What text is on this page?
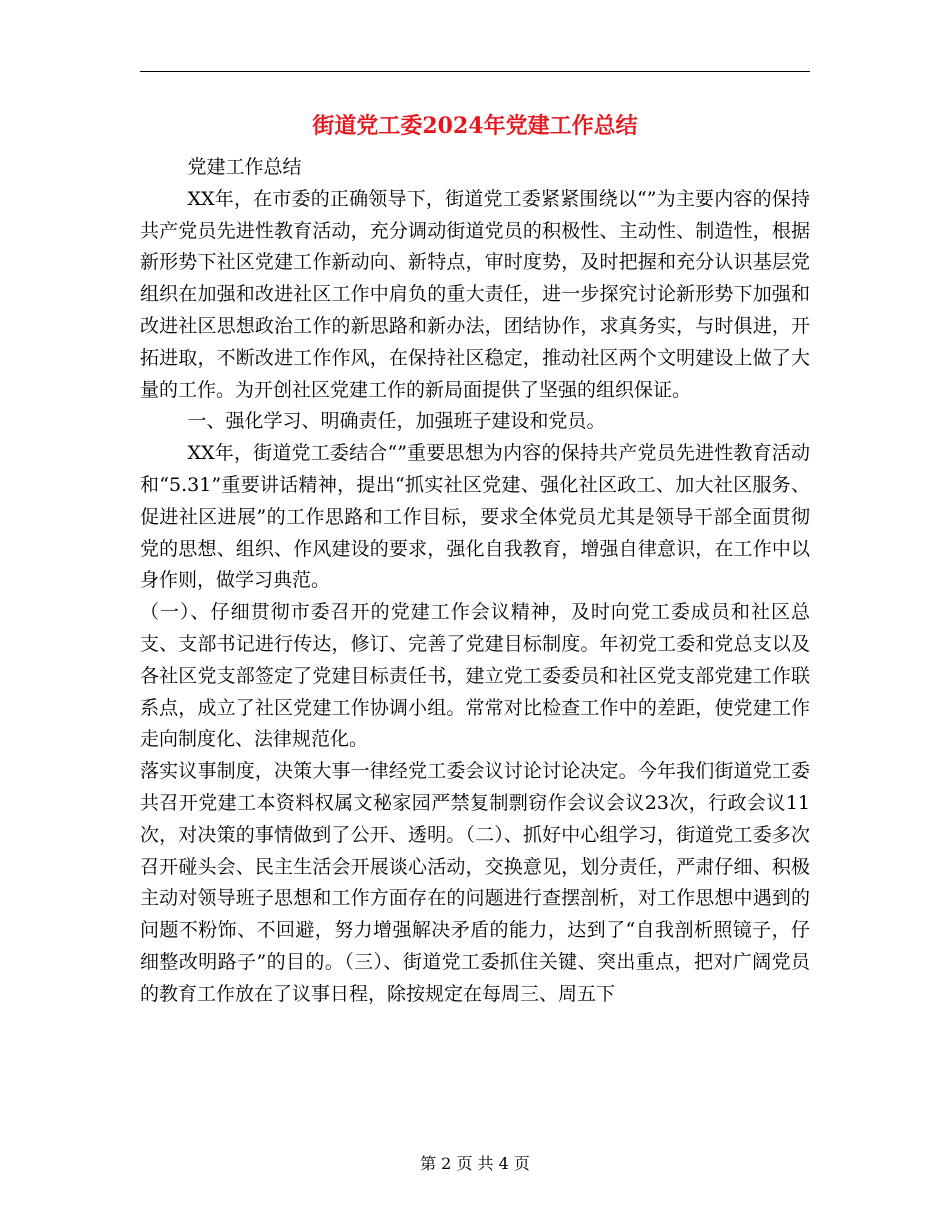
街道党工委2024年党建工作总结

党建工作总结

XX年，在市委的正确领导下，街道党工委紧紧围绕以“”为主要内容的保持共产党员先进性教育活动，充分调动街道党员的积极性、主动性、制造性，根据新形势下社区党建工作新动向、新特点，审时度势，及时把握和充分认识基层党组织在加强和改进社区工作中肩负的重大责任，进一步探究讨论新形势下加强和改进社区思想政治工作的新思路和新办法，团结协作，求真务实，与时俱进，开拓进取，不断改进工作作风，在保持社区稳定，推动社区两个文明建设上做了大量的工作。为开创社区党建工作的新局面提供了坚强的组织保证。

一、强化学习、明确责任，加强班子建设和党员。

XX年，街道党工委结合“”重要思想为内容的保持共产党员先进性教育活动和“5.31”重要讲话精神，提出“抓实社区党建、强化社区政工、加大社区服务、促进社区进展”的工作思路和工作目标，要求全体党员尤其是领导干部全面贯彻党的思想、组织、作风建设的要求，强化自我教育，增强自律意识，在工作中以身作则，做学习典范。

（一）、仔细贯彻市委召开的党建工作会议精神，及时向党工委成员和社区总支、支部书记进行传达，修订、完善了党建目标制度。年初党工委和党总支以及各社区党支部签定了党建目标责任书，建立党工委委员和社区党支部党建工作联系点，成立了社区党建工作协调小组。常常对比检查工作中的差距，使党建工作走向制度化、法律规范化。

落实议事制度，决策大事一律经党工委会议讨论讨论决定。今年我们街道党工委共召开党建工本资料权属文秘家园严禁复制剽窃作会议会议23次，行政会议11次，对决策的事情做到了公开、透明。（二）、抓好中心组学习，街道党工委多次召开碰头会、民主生活会开展谈心活动，交换意见，划分责任，严肃仔细、积极主动对领导班子思想和工作方面存在的问题进行查摆剖析，对工作思想中遇到的问题不粉饰、不回避，努力增强解决矛盾的能力，达到了“自我剖析照镜子，仔细整改明路子”的目的。（三）、街道党工委抓住关键、突出重点，把对广阔党员的教育工作放在了议事日程，除按规定在每周三、周五下

第 2 页 共 4 页
